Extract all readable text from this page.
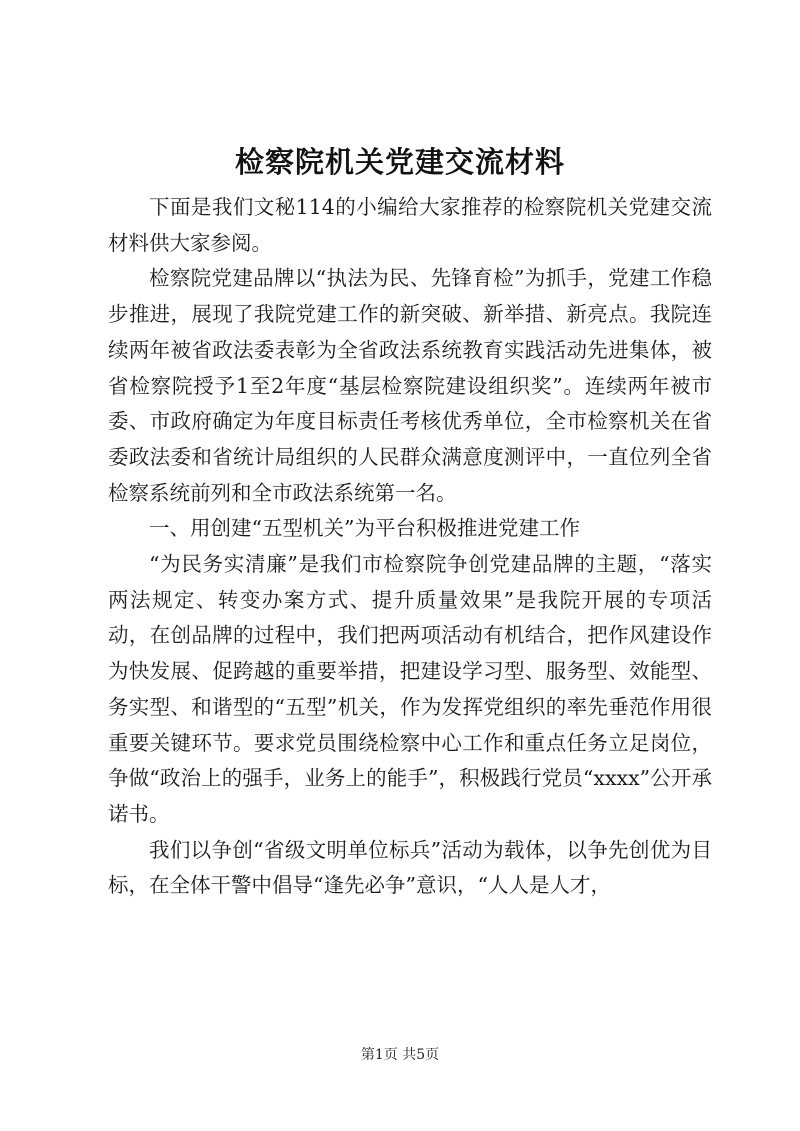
检察院机关党建交流材料

下面是我们文秘114的小编给大家推荐的检察院机关党建交流材料供大家参阅。

检察院党建品牌以“执法为民、先锋育检”为抓手，党建工作稳步推进，展现了我院党建工作的新突破、新举措、新亮点。我院连续两年被省政法委表彰为全省政法系统教育实践活动先进集体，被省检察院授予1至2年度“基层检察院建设组织奖”。连续两年被市委、市政府确定为年度目标责任考核优秀单位，全市检察机关在省委政法委和省统计局组织的人民群众满意度测评中，一直位列全省检察系统前列和全市政法系统第一名。

一、用创建“五型机关”为平台积极推进党建工作

“为民务实清廉”是我们市检察院争创党建品牌的主题，“落实两法规定、转变办案方式、提升质量效果”是我院开展的专项活动，在创品牌的过程中，我们把两项活动有机结合，把作风建设作为快发展、促跨越的重要举措，把建设学习型、服务型、效能型、务实型、和谐型的“五型”机关，作为发挥党组织的率先垂范作用很重要关键环节。要求党员围绕检察中心工作和重点任务立足岗位，争做“政治上的强手，业务上的能手”，积极践行党员“xxxx”公开承诺书。

我们以争创“省级文明单位标兵”活动为载体，以争先创优为目标，在全体干警中倡导“逢先必争”意识，“人人是人才，

第1页 共5页
